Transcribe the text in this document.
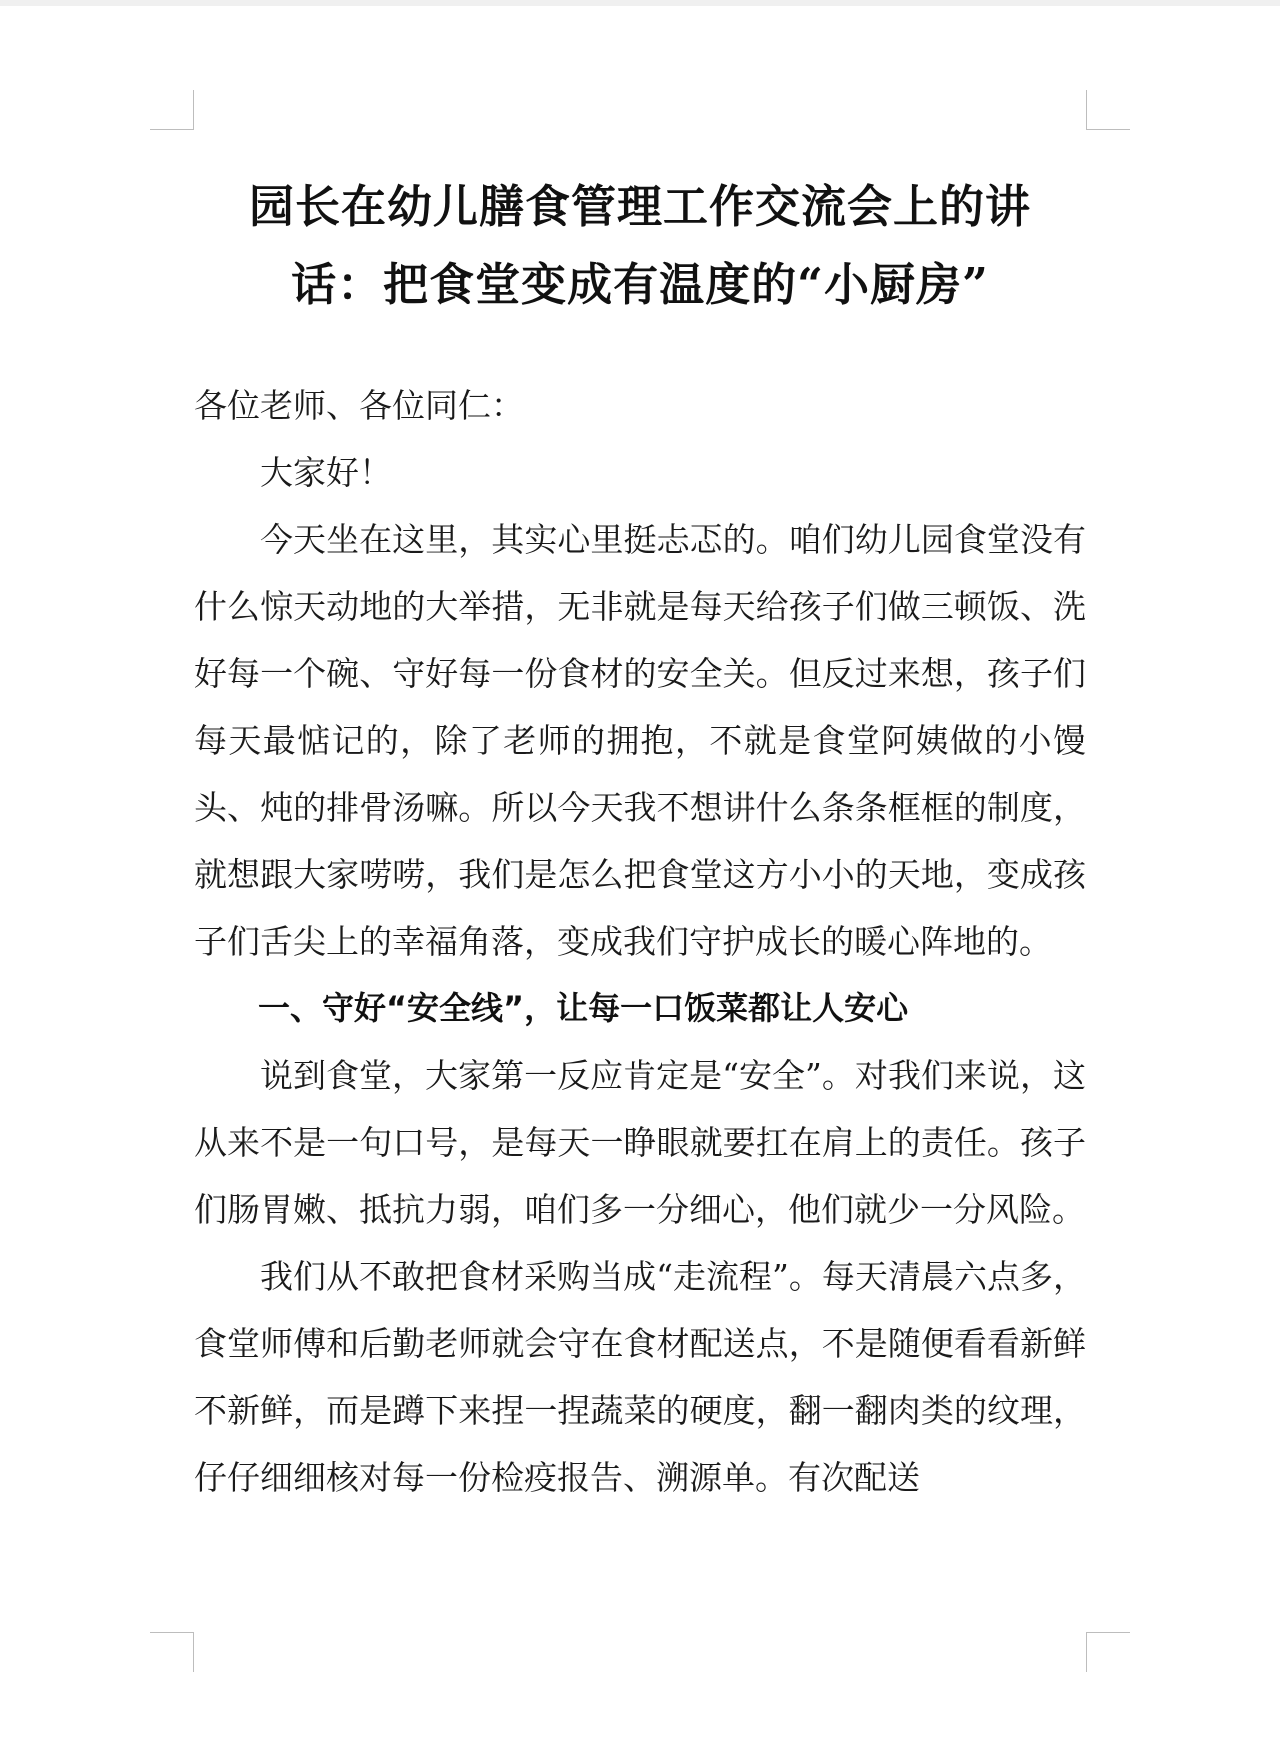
园长在幼儿膳食管理工作交流会上的讲话：把食堂变成有温度的“小厨房”

各位老师、各位同仁：

大家好！

今天坐在这里，其实心里挺忐忑的。咱们幼儿园食堂没有什么惊天动地的大举措，无非就是每天给孩子们做三顿饭、洗好每一个碗、守好每一份食材的安全关。但反过来想，孩子们每天最惦记的，除了老师的拥抱，不就是食堂阿姨做的小馒头、炖的排骨汤嘛。所以今天我不想讲什么条条框框的制度，就想跟大家唠唠，我们是怎么把食堂这方小小的天地，变成孩子们舌尖上的幸福角落，变成我们守护成长的暖心阵地的。

一、守好“安全线”，让每一口饭菜都让人安心

说到食堂，大家第一反应肯定是“安全”。对我们来说，这从来不是一句口号，是每天一睁眼就要扛在肩上的责任。孩子们肠胃嫩、抵抗力弱，咱们多一分细心，他们就少一分风险。

我们从不敢把食材采购当成“走流程”。每天清晨六点多，食堂师傅和后勤老师就会守在食材配送点，不是随便看看新鲜不新鲜，而是蹲下来捏一捏蔬菜的硬度，翻一翻肉类的纹理，仔仔细细核对每一份检疫报告、溯源单。有次配送
